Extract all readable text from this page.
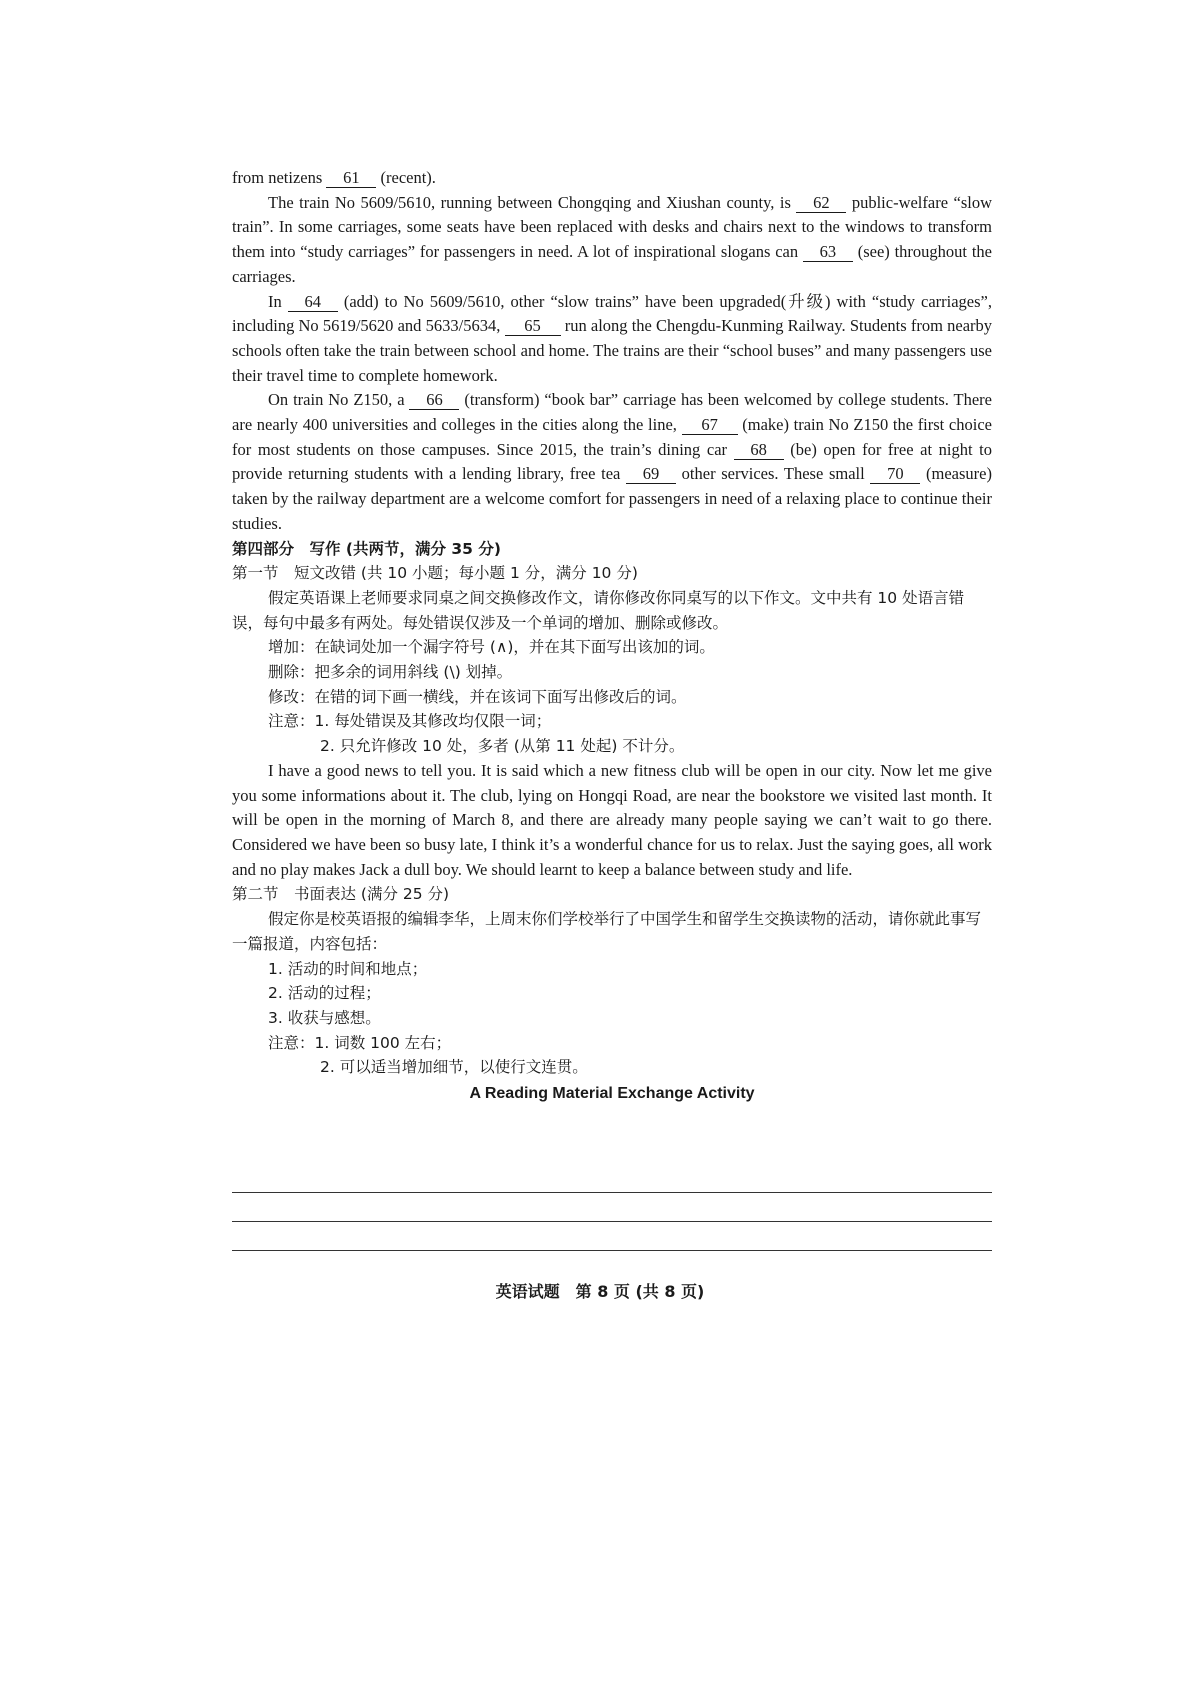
from netizens 61 (recent).

The train No 5609/5610, running between Chongqing and Xiushan county, is 62 public-welfare “slow train”. In some carriages, some seats have been replaced with desks and chairs next to the windows to transform them into “study carriages” for passengers in need. A lot of inspirational slogans can 63 (see) throughout the carriages.

In 64 (add) to No 5609/5610, other “slow trains” have been upgraded(升级) with “study carriages”, including No 5619/5620 and 5633/5634, 65 run along the Chengdu-Kunming Railway. Students from nearby schools often take the train between school and home. The trains are their “school buses” and many passengers use their travel time to complete homework.

On train No Z150, a 66 (transform) “book bar” carriage has been welcomed by college students. There are nearly 400 universities and colleges in the cities along the line, 67 (make) train No Z150 the first choice for most students on those campuses. Since 2015, the train’s dining car 68 (be) open for free at night to provide returning students with a lending library, free tea 69 other services. These small 70 (measure) taken by the railway department are a welcome comfort for passengers in need of a relaxing place to continue their studies.

第四部分　写作 (共两节，满分 35 分)

第一节　短文改错 (共 10 小题；每小题 1 分，满分 10 分)

假定英语课上老师要求同桌之间交换修改作文，请你修改你同桌写的以下作文。文中共有 10 处语言错误，每句中最多有两处。每处错误仅涉及一个单词的增加、删除或修改。

增加：在缺词处加一个漏字符号 (∧)，并在其下面写出该加的词。

删除：把多余的词用斜线 (\) 划掉。

修改：在错的词下画一横线，并在该词下面写出修改后的词。

注意：1. 每处错误及其修改均仅限一词；

2. 只允许修改 10 处，多者 (从第 11 处起) 不计分。

I have a good news to tell you. It is said which a new fitness club will be open in our city. Now let me give you some informations about it. The club, lying on Hongqi Road, are near the bookstore we visited last month. It will be open in the morning of March 8, and there are already many people saying we can’t wait to go there. Considered we have been so busy late, I think it’s a wonderful chance for us to relax. Just the saying goes, all work and no play makes Jack a dull boy. We should learnt to keep a balance between study and life.

第二节　书面表达 (满分 25 分)

假定你是校英语报的编辑李华，上周末你们学校举行了中国学生和留学生交换读物的活动，请你就此事写一篇报道，内容包括：

1. 活动的时间和地点；

2. 活动的过程；

3. 收获与感想。

注意：1. 词数 100 左右；

2. 可以适当增加细节，以使行文连贯。

A Reading Material Exchange Activity

英语试题　第 8 页 (共 8 页)
